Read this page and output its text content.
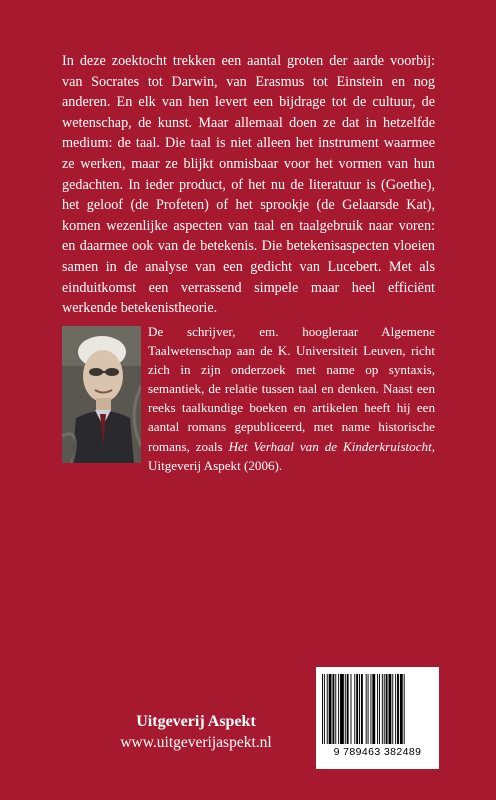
In deze zoektocht trekken een aantal groten der aarde voorbij: van Socrates tot Darwin, van Erasmus tot Einstein en nog anderen. En elk van hen levert een bijdrage tot de cultuur, de wetenschap, de kunst. Maar allemaal doen ze dat in hetzelfde medium: de taal. Die taal is niet alleen het instrument waarmee ze werken, maar ze blijkt onmisbaar voor het vormen van hun gedachten. In ieder product, of het nu de literatuur is (Goethe), het geloof (de Profeten) of het sprookje (de Gelaarsde Kat), komen wezenlijke aspecten van taal en taalgebruik naar voren: en daarmee ook van de betekenis. Die betekenisaspecten vloeien samen in de analyse van een gedicht van Lucebert. Met als einduitkomst een verrassend simpele maar heel efficiënt werkende betekenistheorie.

De schrijver, em. hoogleraar Algemene Taalwetenschap aan de K. Universiteit Leuven, richt zich in zijn onderzoek met name op syntaxis, semantiek, de relatie tussen taal en denken. Naast een reeks taalkundige boeken en artikelen heeft hij een aantal romans gepubliceerd, met name historische romans, zoals Het Verhaal van de Kinderkruistocht, Uitgeverij Aspekt (2006).

Uitgeverij Aspekt
www.uitgeverijaspekt.nl
9 789463 382489
